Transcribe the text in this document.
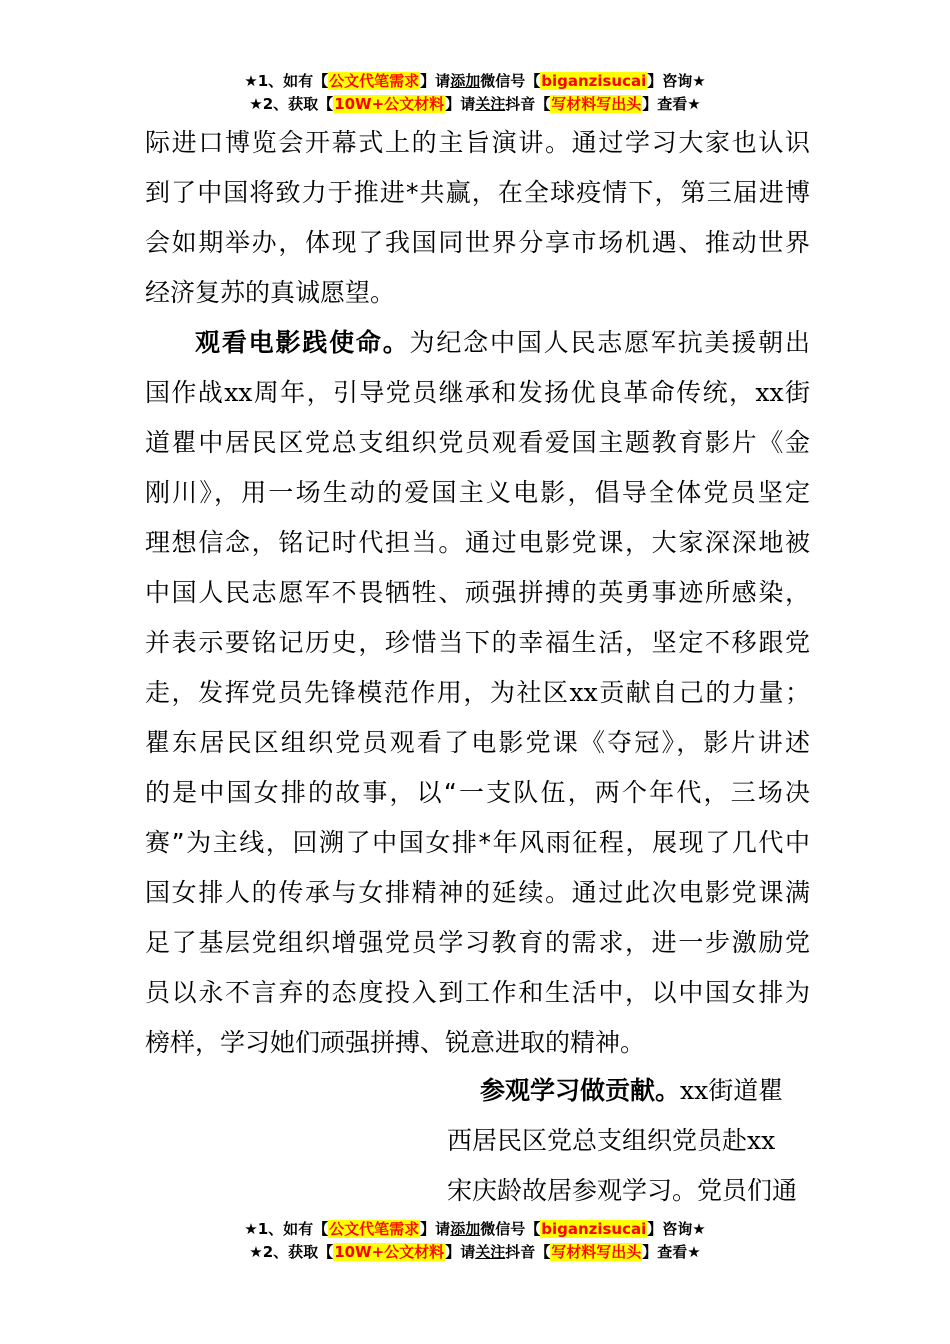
★1、如有【公文代笔需求】请添加微信号【biganzisucai】咨询★
★2、获取【10W+公文材料】请关注抖音【写材料写出头】查看★
际进口博览会开幕式上的主旨演讲。通过学习大家也认识
到了中国将致力于推进*共赢，在全球疫情下，第三届进博
会如期举办，体现了我国同世界分享市场机遇、推动世界
经济复苏的真诚愿望。
观看电影践使命。为纪念中国人民志愿军抗美援朝出
国作战xx周年，引导党员继承和发扬优良革命传统，xx街
道瞿中居民区党总支组织党员观看爱国主题教育影片《金
刚川》，用一场生动的爱国主义电影，倡导全体党员坚定
理想信念，铭记时代担当。通过电影党课，大家深深地被
中国人民志愿军不畏牺牲、顽强拼搏的英勇事迹所感染，
并表示要铭记历史，珍惜当下的幸福生活，坚定不移跟党
走，发挥党员先锋模范作用，为社区xx贡献自己的力量；
瞿东居民区组织党员观看了电影党课《夺冠》，影片讲述
的是中国女排的故事，以“一支队伍，两个年代，三场决
赛”为主线，回溯了中国女排*年风雨征程，展现了几代中
国女排人的传承与女排精神的延续。通过此次电影党课满
足了基层党组织增强党员学习教育的需求，进一步激励党
员以永不言弃的态度投入到工作和生活中，以中国女排为
榜样，学习她们顽强拼搏、锐意进取的精神。
参观学习做贡献。xx街道瞿
西居民区党总支组织党员赴xx
宋庆龄故居参观学习。党员们通
★1、如有【公文代笔需求】请添加微信号【biganzisucai】咨询★
★2、获取【10W+公文材料】请关注抖音【写材料写出头】查看★
